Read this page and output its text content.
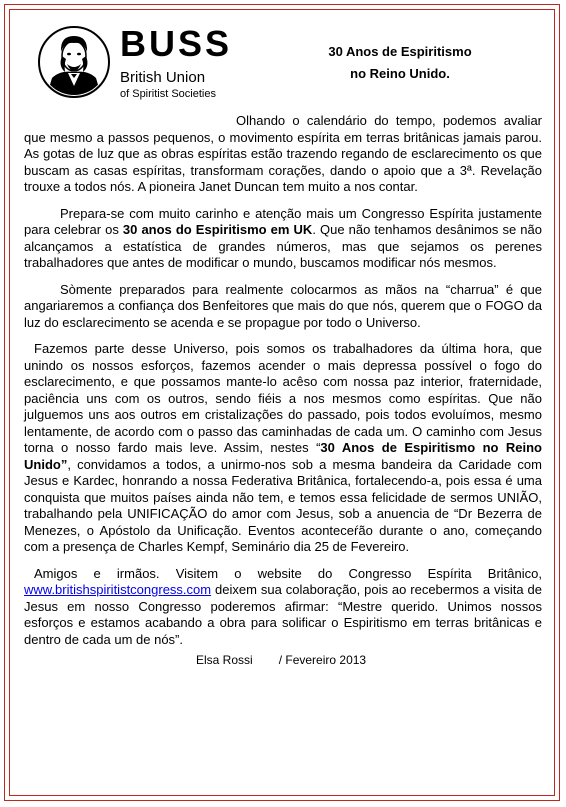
BUSS
British Union
of Spiritist Societies
30 Anos de Espiritismo
no Reino Unido.

Olhando o calendário do tempo, podemos avaliar que mesmo a passos pequenos, o movimento espírita em terras britânicas jamais parou. As gotas de luz que as obras espíritas estão trazendo regando de esclarecimento os que buscam as casas espíritas, transformam corações, dando o apoio que a 3ª. Revelação trouxe a todos nós. A pioneira Janet Duncan tem muito a nos contar.

Prepara-se com muito carinho e atenção mais um Congresso Espírita justamente para celebrar os 30 anos do Espiritismo em UK. Que não tenhamos desânimos se não alcançamos a estatística de grandes números, mas que sejamos os perenes trabalhadores que antes de modificar o mundo, buscamos modificar nós mesmos.

Sòmente preparados para realmente colocarmos as mãos na “charrua” é que angariaremos a confiança dos Benfeitores que mais do que nós, querem que o FOGO da luz do esclarecimento se acenda e se propague por todo o Universo.

Fazemos parte desse Universo, pois somos os trabalhadores da última hora, que unindo os nossos esforços, fazemos acender o mais depressa possível o fogo do esclarecimento, e que possamos mante-lo acêso com nossa paz interior, fraternidade, paciência uns com os outros, sendo fiéis a nos mesmos como espíritas. Que não julguemos uns aos outros em cristalizações do passado, pois todos evoluímos, mesmo lentamente, de acordo com o passo das caminhadas de cada um. O caminho com Jesus torna o nosso fardo mais leve. Assim, nestes “30 Anos de Espiritismo no Reino Unido”, convidamos a todos, a unirmo-nos sob a mesma bandeira da Caridade com Jesus e Kardec, honrando a nossa Federativa Britânica, fortalecendo-a, pois essa é uma conquista que muitos países ainda não tem, e temos essa felicidade de sermos UNIÃO, trabalhando pela UNIFICAÇÃO do amor com Jesus, sob a anuencia de “Dr Bezerra de Menezes, o Apóstolo da Unificação. Eventos aconteceŕão durante o ano, começando com a presença de Charles Kempf, Seminário dia 25 de Fevereiro.

Amigos e irmãos. Visitem o website do Congresso Espírita Britânico, www.britishspiritistcongress.com deixem sua colaboração, pois ao recebermos a visita de Jesus em nosso Congresso poderemos afirmar: “Mestre querido. Unimos nossos esforços e estamos acabando a obra para solificar o Espiritismo em terras britânicas e dentro de cada um de nós”.

Elsa Rossi / Fevereiro 2013
